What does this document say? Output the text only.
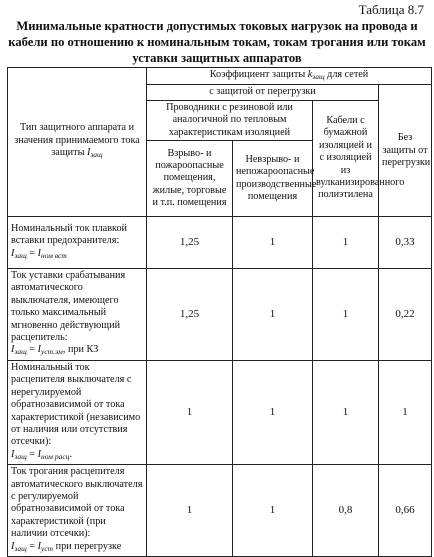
Таблица 8.7
Минимальные кратности допустимых токовых нагрузок на провода и кабели по отношению к номинальным токам, токам трогания или токам уставки защитных аппаратов
Тип защитного аппарата и значения принимаемого тока защиты $I_{защ}$	Коэффициент защиты $k_{защ}$ для сетей			
	с защитой от перегрузки			Без защиты от перегрузки
	Проводники с резиновой или аналогичной по тепловым характеристикам изоляцией		Кабели с бумажной изоляцией и с изоляцией из вулканизированного полиэтилена	
	Взрыво- и пожароопасные помещения, жилые, торговые и т.п. помещения	Невзрыво- и непожароопасные производственные помещения		
Номинальный ток плавкой вставки предохранителя:
$I_{защ} = I_{ном вст}$	1,25	1	1	0,33
Ток уставки срабатывания автоматического выключателя, имеющего только максимальный мгновенно действующий расцепитель:
$I_{защ} = I_{уст.эм}$, при КЗ	1,25	1	1	0,22
Номинальный ток расцепителя выключателя с нерегулируемой обратнозависимой от тока характеристикой (независимо от наличия или отсутствия отсечки):
$I_{защ} = I_{ном расц}$.	1	1	1	1
Ток трогания расцепителя автоматического выключателя с регулируемой обратнозависимой от тока характеристикой (при наличии отсечки):
$I_{защ} = I_{уст}$ при перегрузке	1	1	0,8	0,66
